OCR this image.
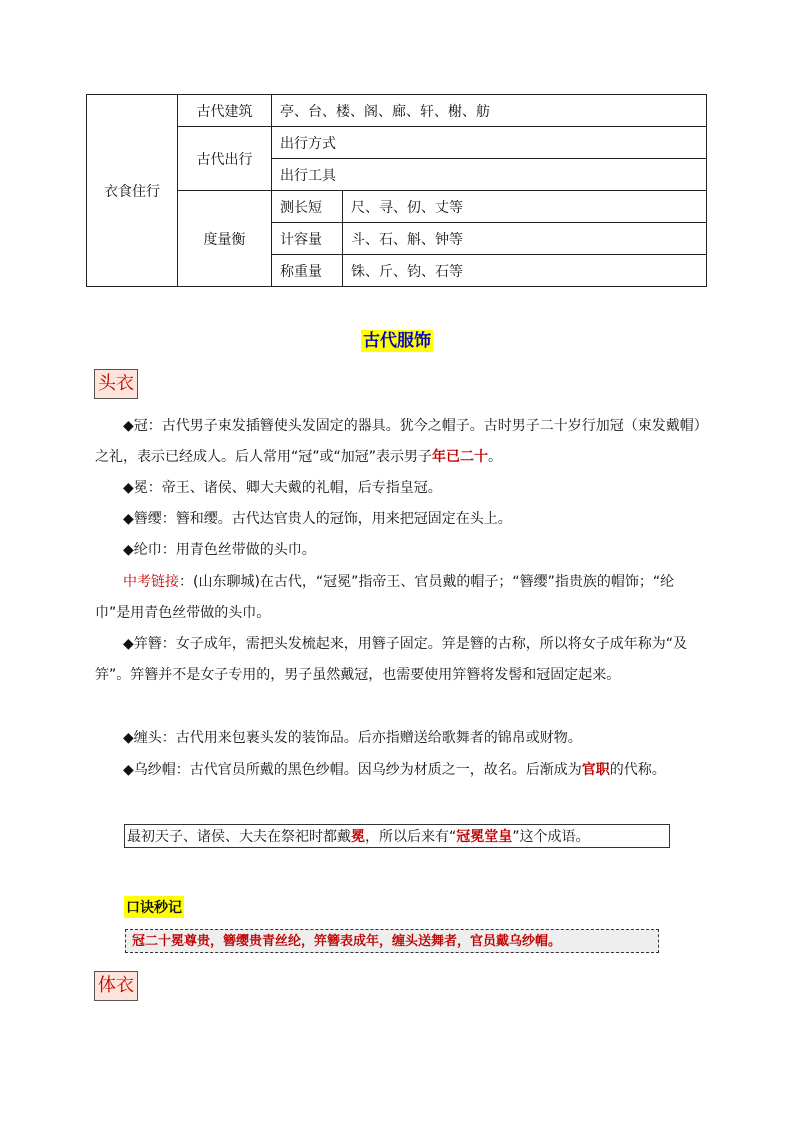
衣食住行	古代建筑	亭、台、楼、阁、廊、轩、榭、舫	
	古代出行	出行方式	
		出行工具	
	度量衡	测长短	尺、寻、仞、丈等
		计容量	斗、石、斛、钟等
		称重量	铢、斤、钧、石等
古代服饰
头衣

◆冠：古代男子束发插簪使头发固定的器具。犹今之帽子。古时男子二十岁行加冠（束发戴帽）之礼，表示已经成人。后人常用“冠”或“加冠”表示男子年已二十。

◆冕：帝王、诸侯、卿大夫戴的礼帽，后专指皇冠。

◆簪缨：簪和缨。古代达官贵人的冠饰，用来把冠固定在头上。

◆纶巾：用青色丝带做的头巾。

中考链接：(山东聊城)在古代，“冠冕”指帝王、官员戴的帽子；“簪缨”指贵族的帽饰；“纶巾”是用青色丝带做的头巾。

◆笄簪：女子成年，需把头发梳起来，用簪子固定。笄是簪的古称，所以将女子成年称为“及笄”。笄簪并不是女子专用的，男子虽然戴冠，也需要使用笄簪将发髻和冠固定起来。

◆缠头：古代用来包裹头发的装饰品。后亦指赠送给歌舞者的锦帛或财物。

◆乌纱帽：古代官员所戴的黑色纱帽。因乌纱为材质之一，故名。后渐成为官职的代称。

最初天子、诸侯、大夫在祭祀时都戴冕，所以后来有“冠冕堂皇”这个成语。
口诀秒记
冠二十冕尊贵，簪缨贵青丝纶，笄簪表成年，缠头送舞者，官员戴乌纱帽。
体衣
